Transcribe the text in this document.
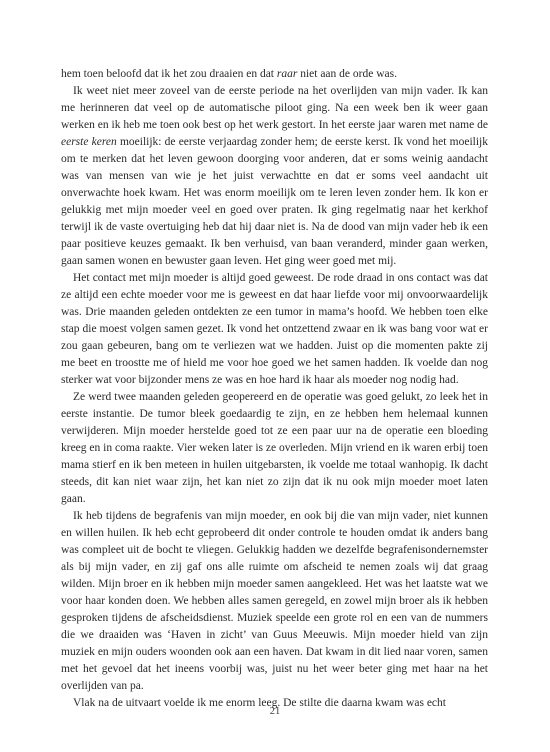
hem toen beloofd dat ik het zou draaien en dat raar niet aan de orde was.

Ik weet niet meer zoveel van de eerste periode na het overlijden van mijn vader. Ik kan me herinneren dat veel op de automatische piloot ging. Na een week ben ik weer gaan werken en ik heb me toen ook best op het werk gestort. In het eerste jaar waren met name de eerste keren moeilijk: de eerste verjaardag zonder hem; de eerste kerst. Ik vond het moeilijk om te merken dat het leven gewoon doorging voor anderen, dat er soms weinig aandacht was van mensen van wie je het juist verwachtte en dat er soms veel aandacht uit onverwachte hoek kwam. Het was enorm moeilijk om te leren leven zonder hem. Ik kon er gelukkig met mijn moeder veel en goed over praten. Ik ging regelmatig naar het kerkhof terwijl ik de vaste overtuiging heb dat hij daar niet is. Na de dood van mijn vader heb ik een paar positieve keuzes gemaakt. Ik ben verhuisd, van baan veranderd, minder gaan werken, gaan samen wonen en bewuster gaan leven. Het ging weer goed met mij.

Het contact met mijn moeder is altijd goed geweest. De rode draad in ons contact was dat ze altijd een echte moeder voor me is geweest en dat haar liefde voor mij onvoorwaardelijk was. Drie maanden geleden ontdekten ze een tumor in mama’s hoofd. We hebben toen elke stap die moest volgen samen gezet. Ik vond het ontzettend zwaar en ik was bang voor wat er zou gaan gebeuren, bang om te verliezen wat we hadden. Juist op die momenten pakte zij me beet en troostte me of hield me voor hoe goed we het samen hadden. Ik voelde dan nog sterker wat voor bijzonder mens ze was en hoe hard ik haar als moeder nog nodig had.

Ze werd twee maanden geleden geopereerd en de operatie was goed gelukt, zo leek het in eerste instantie. De tumor bleek goedaardig te zijn, en ze hebben hem helemaal kunnen verwijderen. Mijn moeder herstelde goed tot ze een paar uur na de operatie een bloeding kreeg en in coma raakte. Vier weken later is ze overleden. Mijn vriend en ik waren erbij toen mama stierf en ik ben meteen in huilen uitgebarsten, ik voelde me totaal wanhopig. Ik dacht steeds, dit kan niet waar zijn, het kan niet zo zijn dat ik nu ook mijn moeder moet laten gaan.

Ik heb tijdens de begrafenis van mijn moeder, en ook bij die van mijn vader, niet kunnen en willen huilen. Ik heb echt geprobeerd dit onder controle te houden omdat ik anders bang was compleet uit de bocht te vliegen. Gelukkig hadden we dezelfde begrafenisondernemster als bij mijn vader, en zij gaf ons alle ruimte om afscheid te nemen zoals wij dat graag wilden. Mijn broer en ik hebben mijn moeder samen aangekleed. Het was het laatste wat we voor haar konden doen. We hebben alles samen geregeld, en zowel mijn broer als ik hebben gesproken tijdens de afscheidsdienst. Muziek speelde een grote rol en een van de nummers die we draaiden was ‘Haven in zicht’ van Guus Meeuwis. Mijn moeder hield van zijn muziek en mijn ouders woonden ook aan een haven. Dat kwam in dit lied naar voren, samen met het gevoel dat het ineens voorbij was, juist nu het weer beter ging met haar na het overlijden van pa.

Vlak na de uitvaart voelde ik me enorm leeg. De stilte die daarna kwam was echt

21
